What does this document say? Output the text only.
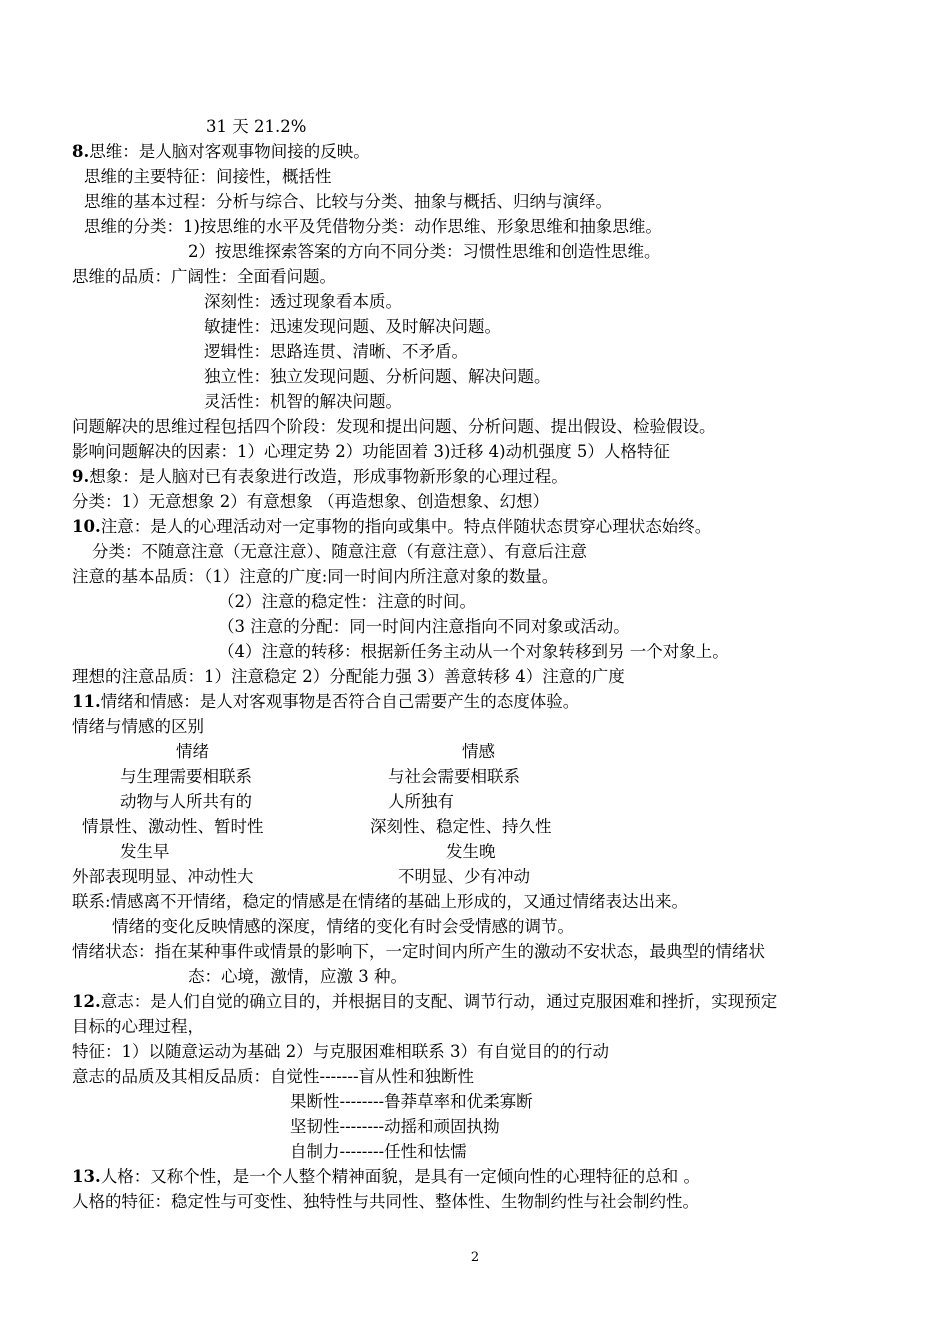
31 天 21.2%
8.思维：是人脑对客观事物间接的反映。
思维的主要特征：间接性，概括性
思维的基本过程：分析与综合、比较与分类、抽象与概括、归纳与演绎。
思维的分类：1)按思维的水平及凭借物分类：动作思维、形象思维和抽象思维。
2）按思维探索答案的方向不同分类：习惯性思维和创造性思维。
思维的品质：广阔性：全面看问题。
深刻性：透过现象看本质。
敏捷性：迅速发现问题、及时解决问题。
逻辑性：思路连贯、清晰、不矛盾。
独立性：独立发现问题、分析问题、解决问题。
灵活性：机智的解决问题。
问题解决的思维过程包括四个阶段：发现和提出问题、分析问题、提出假设、检验假设。
影响问题解决的因素：1）心理定势 2）功能固着 3)迁移 4)动机强度 5）人格特征
9.想象：是人脑对已有表象进行改造，形成事物新形象的心理过程。
分类：1）无意想象 2）有意想象 （再造想象、创造想象、幻想）
10.注意：是人的心理活动对一定事物的指向或集中。特点伴随状态贯穿心理状态始终。
分类：不随意注意（无意注意）、随意注意（有意注意）、有意后注意
注意的基本品质：（1）注意的广度:同一时间内所注意对象的数量。
（2）注意的稳定性：注意的时间。
（3 注意的分配：同一时间内注意指向不同对象或活动。
（4）注意的转移：根据新任务主动从一个对象转移到另 一个对象上。
理想的注意品质：1）注意稳定 2）分配能力强 3）善意转移 4）注意的广度
11.情绪和情感：是人对客观事物是否符合自己需要产生的态度体验。
情绪与情感的区别
情绪	情感
与生理需要相联系	与社会需要相联系
动物与人所共有的	人所独有
情景性、激动性、暂时性	深刻性、稳定性、持久性
发生早	发生晚
外部表现明显、冲动性大	不明显、少有冲动
联系:情感离不开情绪，稳定的情感是在情绪的基础上形成的，又通过情绪表达出来。
情绪的变化反映情感的深度，情绪的变化有时会受情感的调节。
情绪状态：指在某种事件或情景的影响下，一定时间内所产生的激动不安状态，最典型的情绪状
态：心境，激情，应激 3 种。
12.意志：是人们自觉的确立目的，并根据目的支配、调节行动，通过克服困难和挫折，实现预定
目标的心理过程，
特征：1）以随意运动为基础 2）与克服困难相联系 3）有自觉目的的行动
意志的品质及其相反品质：自觉性-------盲从性和独断性
果断性--------鲁莽草率和优柔寡断
坚韧性--------动摇和顽固执拗
自制力--------任性和怯懦
13.人格：又称个性，是一个人整个精神面貌，是具有一定倾向性的心理特征的总和 。
人格的特征：稳定性与可变性、独特性与共同性、整体性、生物制约性与社会制约性。
2
